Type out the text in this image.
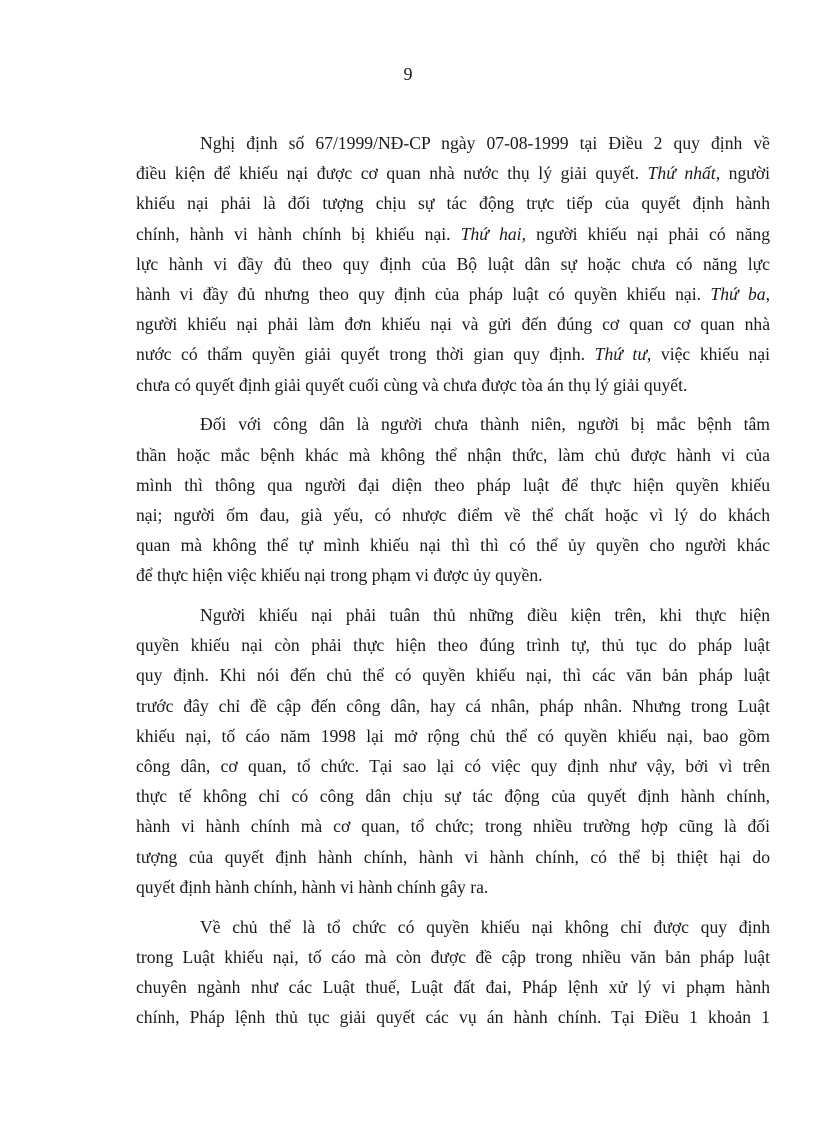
9

Nghị định số 67/1999/NĐ-CP ngày 07-08-1999 tại Điều 2 quy định về
điều kiện để khiếu nại được cơ quan nhà nước thụ lý giải quyết. Thứ nhất, người
khiếu nại phải là đối tượng chịu sự tác động trực tiếp của quyết định hành
chính, hành vi hành chính bị khiếu nại. Thứ hai, người khiếu nại phải có năng
lực hành vi đầy đủ theo quy định của Bộ luật dân sự hoặc chưa có năng lực
hành vi đầy đủ nhưng theo quy định của pháp luật có quyền khiếu nại. Thứ ba,
người khiếu nại phải làm đơn khiếu nại và gửi đến đúng cơ quan cơ quan nhà
nước có thẩm quyền giải quyết trong thời gian quy định. Thứ tư, việc khiếu nại
chưa có quyết định giải quyết cuối cùng và chưa được tòa án thụ lý giải quyết.

Đối với công dân là người chưa thành niên, người bị mắc bệnh tâm
thần hoặc mắc bệnh khác mà không thể nhận thức, làm chủ được hành vi của
mình thì thông qua người đại diện theo pháp luật để thực hiện quyền khiếu
nại; người ốm đau, già yếu, có nhược điểm về thể chất hoặc vì lý do khách
quan mà không thể tự mình khiếu nại thì thì có thể ủy quyền cho người khác
để thực hiện việc khiếu nại trong phạm vi được ủy quyền.

Người khiếu nại phải tuân thủ những điều kiện trên, khi thực hiện
quyền khiếu nại còn phải thực hiện theo đúng trình tự, thủ tục do pháp luật
quy định. Khi nói đến chủ thể có quyền khiếu nại, thì các văn bản pháp luật
trước đây chỉ đề cập đến công dân, hay cá nhân, pháp nhân. Nhưng trong Luật
khiếu nại, tố cáo năm 1998 lại mở rộng chủ thể có quyền khiếu nại, bao gồm
công dân, cơ quan, tổ chức. Tại sao lại có việc quy định như vậy, bởi vì trên
thực tế không chỉ có công dân chịu sự tác động của quyết định hành chính,
hành vi hành chính mà cơ quan, tổ chức; trong nhiều trường hợp cũng là đối
tượng của quyết định hành chính, hành vi hành chính, có thể bị thiệt hại do
quyết định hành chính, hành vi hành chính gây ra.

Về chủ thể là tổ chức có quyền khiếu nại không chỉ được quy định
trong Luật khiếu nại, tố cáo mà còn được đề cập trong nhiều văn bản pháp luật
chuyên ngành như các Luật thuế, Luật đất đai, Pháp lệnh xử lý vi phạm hành
chính, Pháp lệnh thủ tục giải quyết các vụ án hành chính. Tại Điều 1 khoản 1
